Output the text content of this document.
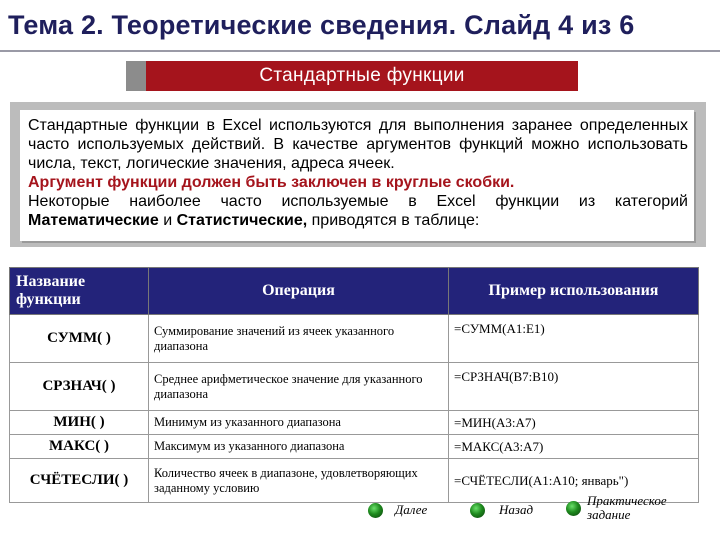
Тема 2. Теоретические сведения. Слайд 4 из 6
Стандартные функции

Стандартные функции в Excel используются для выполнения заранее определенных часто используемых действий. В качестве аргументов функций можно использовать числа, текст, логические значения, адреса ячеек.

Аргумент функции должен быть заключен в круглые скобки.

Некоторые наиболее часто используемые в Excel функции из категорий Математические и Статистические, приводятся в таблице:

Название функции	Операция	Пример использования
СУММ( )	Суммирование значений из ячеек указанного диапазона	=СУММ(A1:E1)
СРЗНАЧ( )	Среднее арифметическое значение для указанного диапазона	=СРЗНАЧ(B7:B10)
МИН( )	Минимум из указанного диапазона	=МИН(A3:A7)
МАКС( )	Максимум из указанного диапазона	=МАКС(A3:A7)
СЧЁТЕСЛИ( )	Количество ячеек в диапазоне, удовлетворяющих заданному условию	=СЧЁТЕСЛИ(A1:A10; январь")
Далее	Назад
Практическое задание
